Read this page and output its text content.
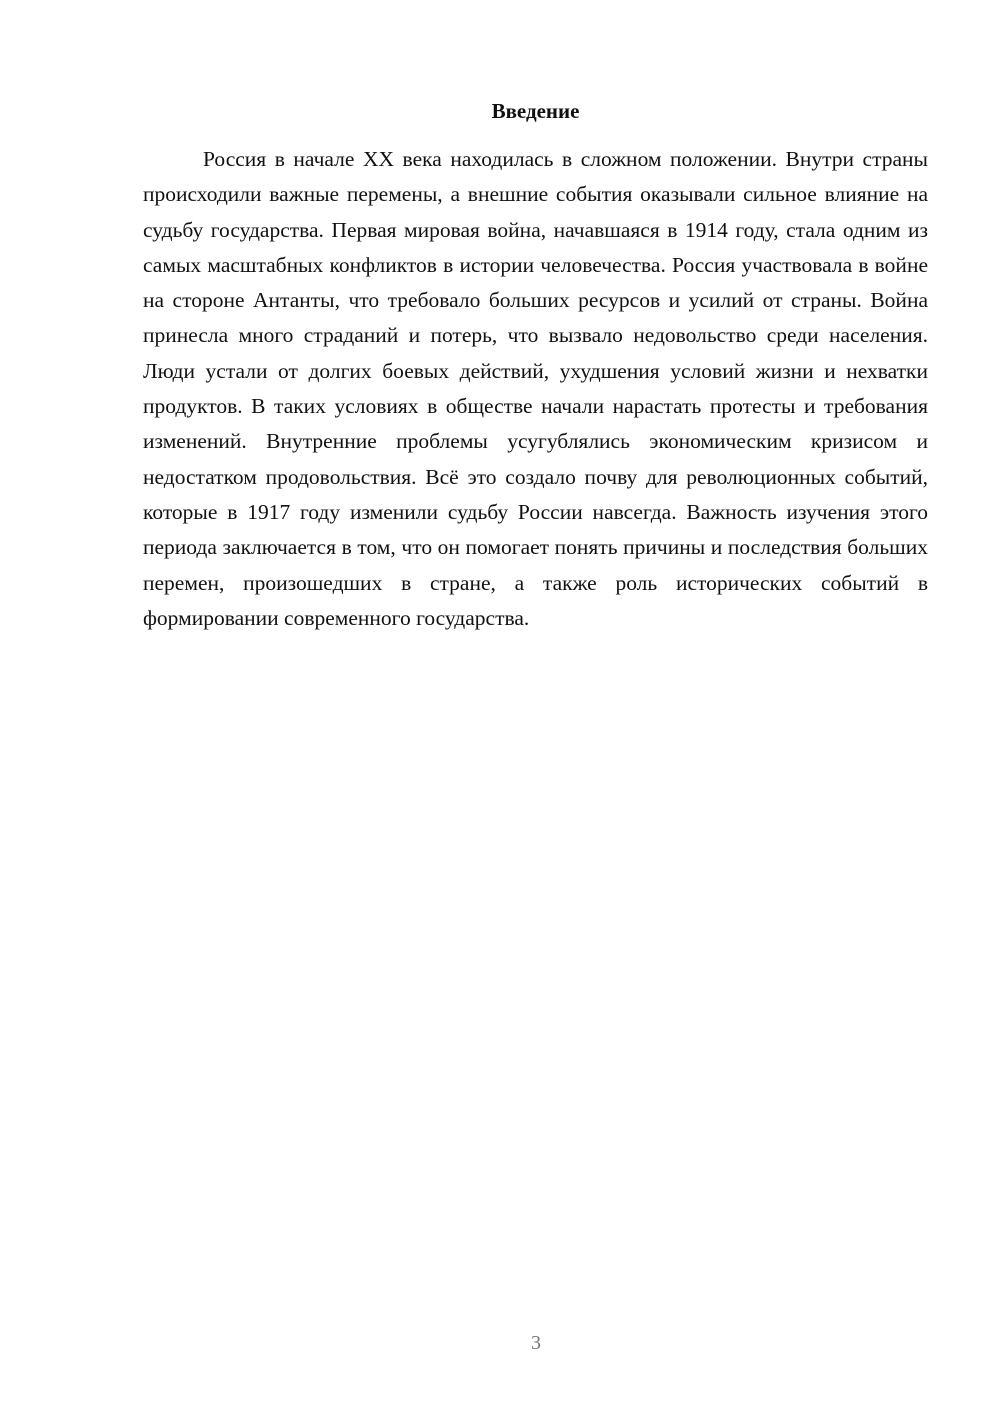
Введение

Россия в начале XX века находилась в сложном положении. Внутри страны происходили важные перемены, а внешние события оказывали сильное влияние на судьбу государства. Первая мировая война, начавшаяся в 1914 году, стала одним из самых масштабных конфликтов в истории человечества. Россия участвовала в войне на стороне Антанты, что требовало больших ресурсов и усилий от страны. Война принесла много страданий и потерь, что вызвало недовольство среди населения. Люди устали от долгих боевых действий, ухудшения условий жизни и нехватки продуктов. В таких условиях в обществе начали нарастать протесты и требования изменений. Внутренние проблемы усугублялись экономическим кризисом и недостатком продовольствия. Всё это создало почву для революционных событий, которые в 1917 году изменили судьбу России навсегда. Важность изучения этого периода заключается в том, что он помогает понять причины и последствия больших перемен, произошедших в стране, а также роль исторических событий в формировании современного государства.

3
